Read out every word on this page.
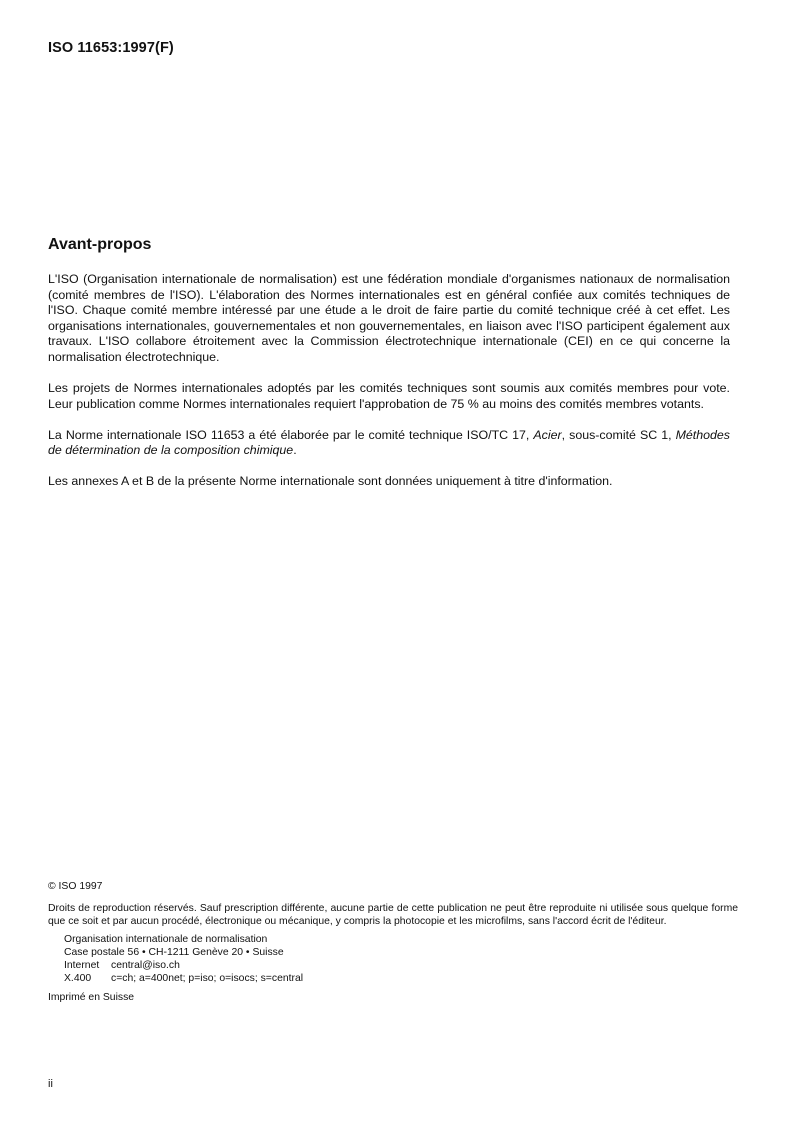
ISO 11653:1997(F)
Avant-propos

L'ISO (Organisation internationale de normalisation) est une fédération mondiale d'organismes nationaux de normalisation (comité membres de l'ISO). L'élaboration des Normes internationales est en général confiée aux comités techniques de l'ISO. Chaque comité membre intéressé par une étude a le droit de faire partie du comité technique créé à cet effet. Les organisations internationales, gouvernementales et non gouvernementales, en liaison avec l'ISO participent également aux travaux. L'ISO collabore étroitement avec la Commission électrotechnique internationale (CEI) en ce qui concerne la normalisation électrotechnique.

Les projets de Normes internationales adoptés par les comités techniques sont soumis aux comités membres pour vote. Leur publication comme Normes internationales requiert l'approbation de 75 % au moins des comités membres votants.

La Norme internationale ISO 11653 a été élaborée par le comité technique ISO/TC 17, Acier, sous-comité SC 1, Méthodes de détermination de la composition chimique.

Les annexes A et B de la présente Norme internationale sont données uniquement à titre d'information.

© ISO 1997

Droits de reproduction réservés. Sauf prescription différente, aucune partie de cette publication ne peut être reproduite ni utilisée sous quelque forme que ce soit et par aucun procédé, électronique ou mécanique, y compris la photocopie et les microfilms, sans l'accord écrit de l'éditeur.

Organisation internationale de normalisation
Case postale 56 • CH-1211 Genève 20 • Suisse
Internet central@iso.ch
X.400 c=ch; a=400net; p=iso; o=isocs; s=central
Imprimé en Suisse
ii
